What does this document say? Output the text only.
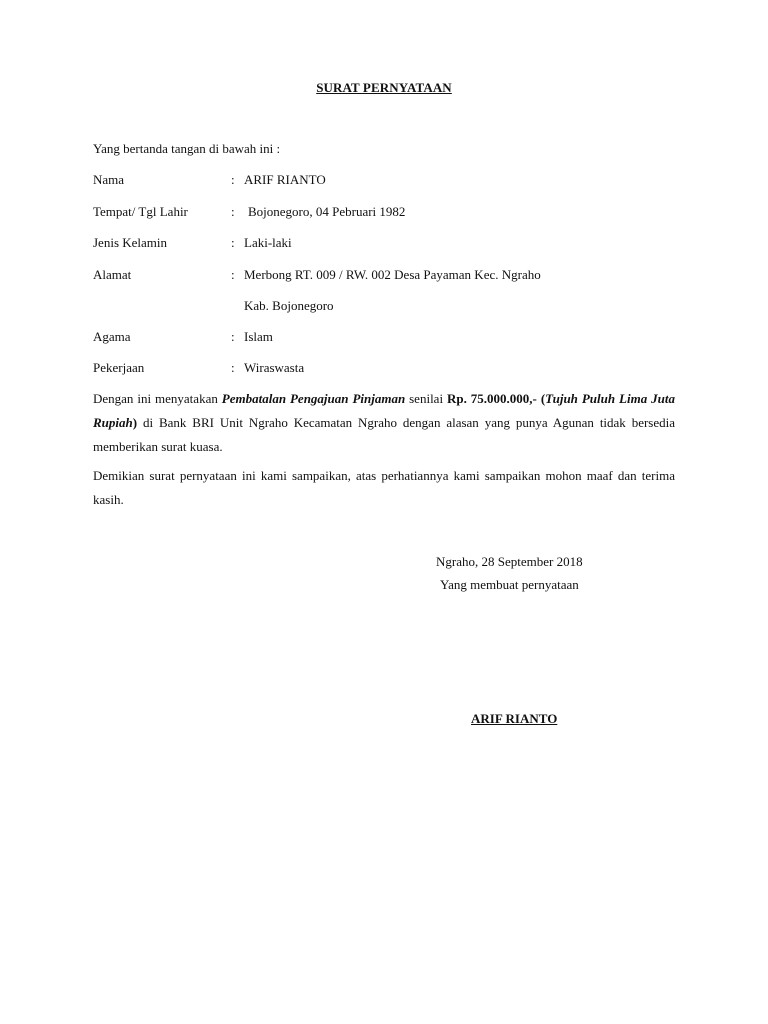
SURAT PERNYATAAN
Yang bertanda tangan di bawah ini :
Nama	: ARIF RIANTO
Tempat/ Tgl Lahir	: Bojonegoro, 04 Pebruari 1982
Jenis Kelamin	: Laki-laki
Alamat	: Merbong RT. 009 / RW. 002 Desa Payaman Kec. Ngraho
Kab. Bojonegoro
Agama	: Islam
Pekerjaan	: Wiraswasta
Dengan ini menyatakan Pembatalan Pengajuan Pinjaman senilai Rp. 75.000.000,- (Tujuh Puluh Lima Juta Rupiah) di Bank BRI Unit Ngraho Kecamatan Ngraho dengan alasan yang punya Agunan tidak bersedia memberikan surat kuasa.
Demikian surat pernyataan ini kami sampaikan, atas perhatiannya kami sampaikan mohon maaf dan terima kasih.
Ngraho, 28 September 2018
Yang membuat pernyataan
ARIF RIANTO
